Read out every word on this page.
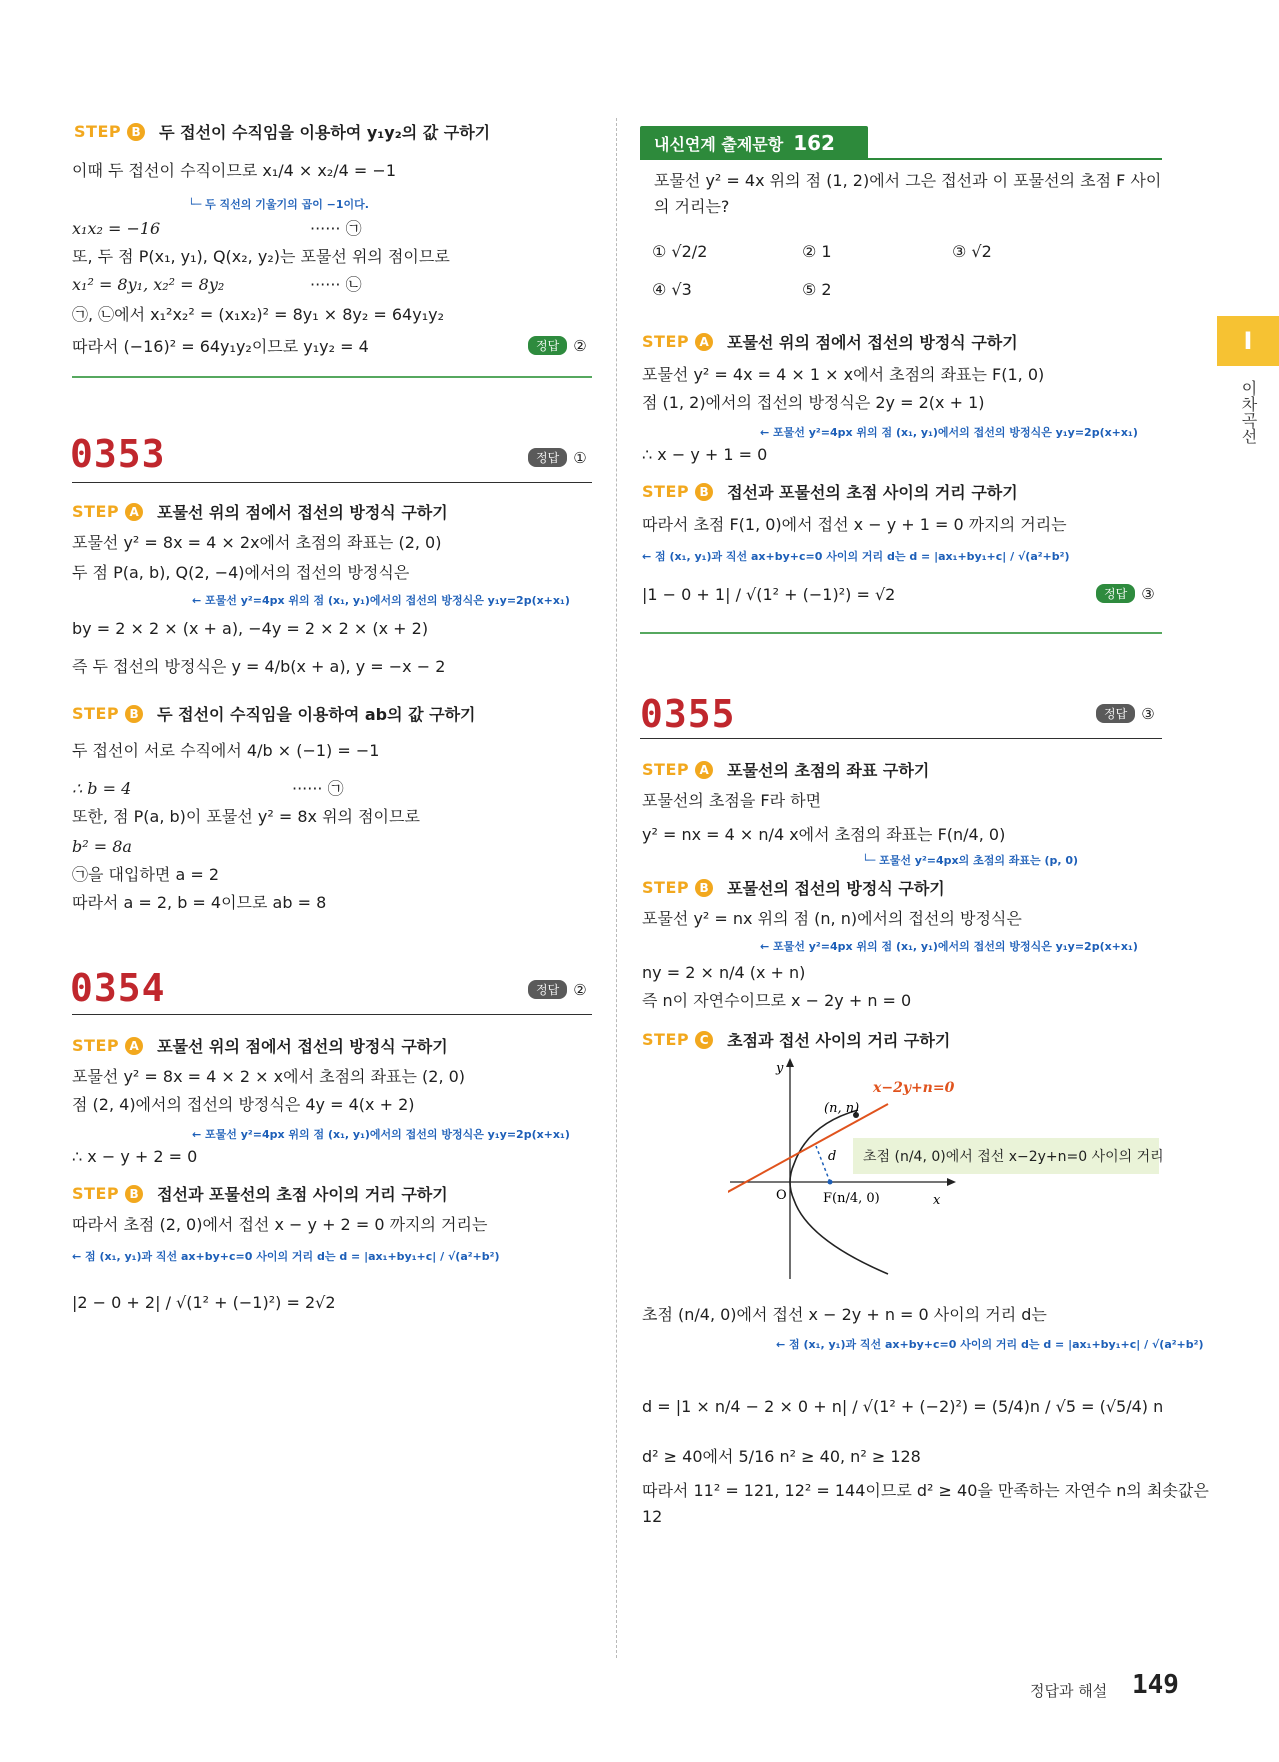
STEP B 두 접선이 수직임을 이용하여 y₁y₂의 값 구하기
이때 두 접선이 수직이므로 x₁/4 × x₂/4 = −1
└─ 두 직선의 기울기의 곱이 −1이다.
x₁x₂ = −16	······ ㉠
또, 두 점 P(x₁, y₁), Q(x₂, y₂)는 포물선 위의 점이므로
x₁² = 8y₁, x₂² = 8y₂	······ ㉡
㉠, ㉡에서 x₁²x₂² = (x₁x₂)² = 8y₁ × 8y₂ = 64y₁y₂
따라서 (−16)² = 64y₁y₂이므로 y₁y₂ = 4	정답 ②
0353	정답 ①
STEP A 포물선 위의 점에서 접선의 방정식 구하기
포물선 y² = 8x = 4 × 2x에서 초점의 좌표는 (2, 0)
두 점 P(a, b), Q(2, −4)에서의 접선의 방정식은
← 포물선 y²=4px 위의 점 (x₁, y₁)에서의 접선의 방정식은 y₁y=2p(x+x₁)
by = 2 × 2 × (x + a), −4y = 2 × 2 × (x + 2)
즉 두 접선의 방정식은 y = 4/b(x + a), y = −x − 2
STEP B 두 접선이 수직임을 이용하여 ab의 값 구하기
두 접선이 서로 수직에서 4/b × (−1) = −1
∴ b = 4	······ ㉠
또한, 점 P(a, b)이 포물선 y² = 8x 위의 점이므로
b² = 8a
㉠을 대입하면 a = 2
따라서 a = 2, b = 4이므로 ab = 8
0354	정답 ②
STEP A 포물선 위의 점에서 접선의 방정식 구하기
포물선 y² = 8x = 4 × 2 × x에서 초점의 좌표는 (2, 0)
점 (2, 4)에서의 접선의 방정식은 4y = 4(x + 2)
← 포물선 y²=4px 위의 점 (x₁, y₁)에서의 접선의 방정식은 y₁y=2p(x+x₁)
∴ x − y + 2 = 0
STEP B 접선과 포물선의 초점 사이의 거리 구하기
따라서 초점 (2, 0)에서 접선 x − y + 2 = 0 까지의 거리는
← 점 (x₁, y₁)과 직선 ax+by+c=0 사이의 거리 d는 d = |ax₁+by₁+c| / √(a²+b²)
|2 − 0 + 2| / √(1² + (−1)²) = 2√2
내신연계 출제문항 162
포물선 y² = 4x 위의 점 (1, 2)에서 그은 접선과 이 포물선의 초점 F 사이
의 거리는?
① √2/2	② 1	③ √2
④ √3	⑤ 2
STEP A 포물선 위의 점에서 접선의 방정식 구하기
포물선 y² = 4x = 4 × 1 × x에서 초점의 좌표는 F(1, 0)
점 (1, 2)에서의 접선의 방정식은 2y = 2(x + 1)
← 포물선 y²=4px 위의 점 (x₁, y₁)에서의 접선의 방정식은 y₁y=2p(x+x₁)
∴ x − y + 1 = 0
STEP B 접선과 포물선의 초점 사이의 거리 구하기
따라서 초점 F(1, 0)에서 접선 x − y + 1 = 0 까지의 거리는
← 점 (x₁, y₁)과 직선 ax+by+c=0 사이의 거리 d는 d = |ax₁+by₁+c| / √(a²+b²)
|1 − 0 + 1| / √(1² + (−1)²) = √2	정답 ③
0355	정답 ③
STEP A 포물선의 초점의 좌표 구하기
포물선의 초점을 F라 하면
y² = nx = 4 × n/4 x에서 초점의 좌표는 F(n/4, 0)
└─ 포물선 y²=4px의 초점의 좌표는 (p, 0)
STEP B 포물선의 접선의 방정식 구하기
포물선 y² = nx 위의 점 (n, n)에서의 접선의 방정식은
← 포물선 y²=4px 위의 점 (x₁, y₁)에서의 접선의 방정식은 y₁y=2p(x+x₁)
ny = 2 × n/4 (x + n)
즉 n이 자연수이므로 x − 2y + n = 0
STEP C 초점과 접선 사이의 거리 구하기
y
x
O
x−2y+n=0
(n, n)
d
F(n/4, 0)
초점 (n/4, 0)에서 접선 x−2y+n=0 사이의 거리
초점 (n/4, 0)에서 접선 x − 2y + n = 0 사이의 거리 d는
← 점 (x₁, y₁)과 직선 ax+by+c=0 사이의 거리 d는 d = |ax₁+by₁+c| / √(a²+b²)
d = |1 × n/4 − 2 × 0 + n| / √(1² + (−2)²) = (5/4)n / √5 = (√5/4) n
d² ≥ 40에서 5/16 n² ≥ 40, n² ≥ 128
따라서 11² = 121, 12² = 144이므로 d² ≥ 40을 만족하는 자연수 n의 최솟값은
12
I
이차곡선
정답과 해설 149
